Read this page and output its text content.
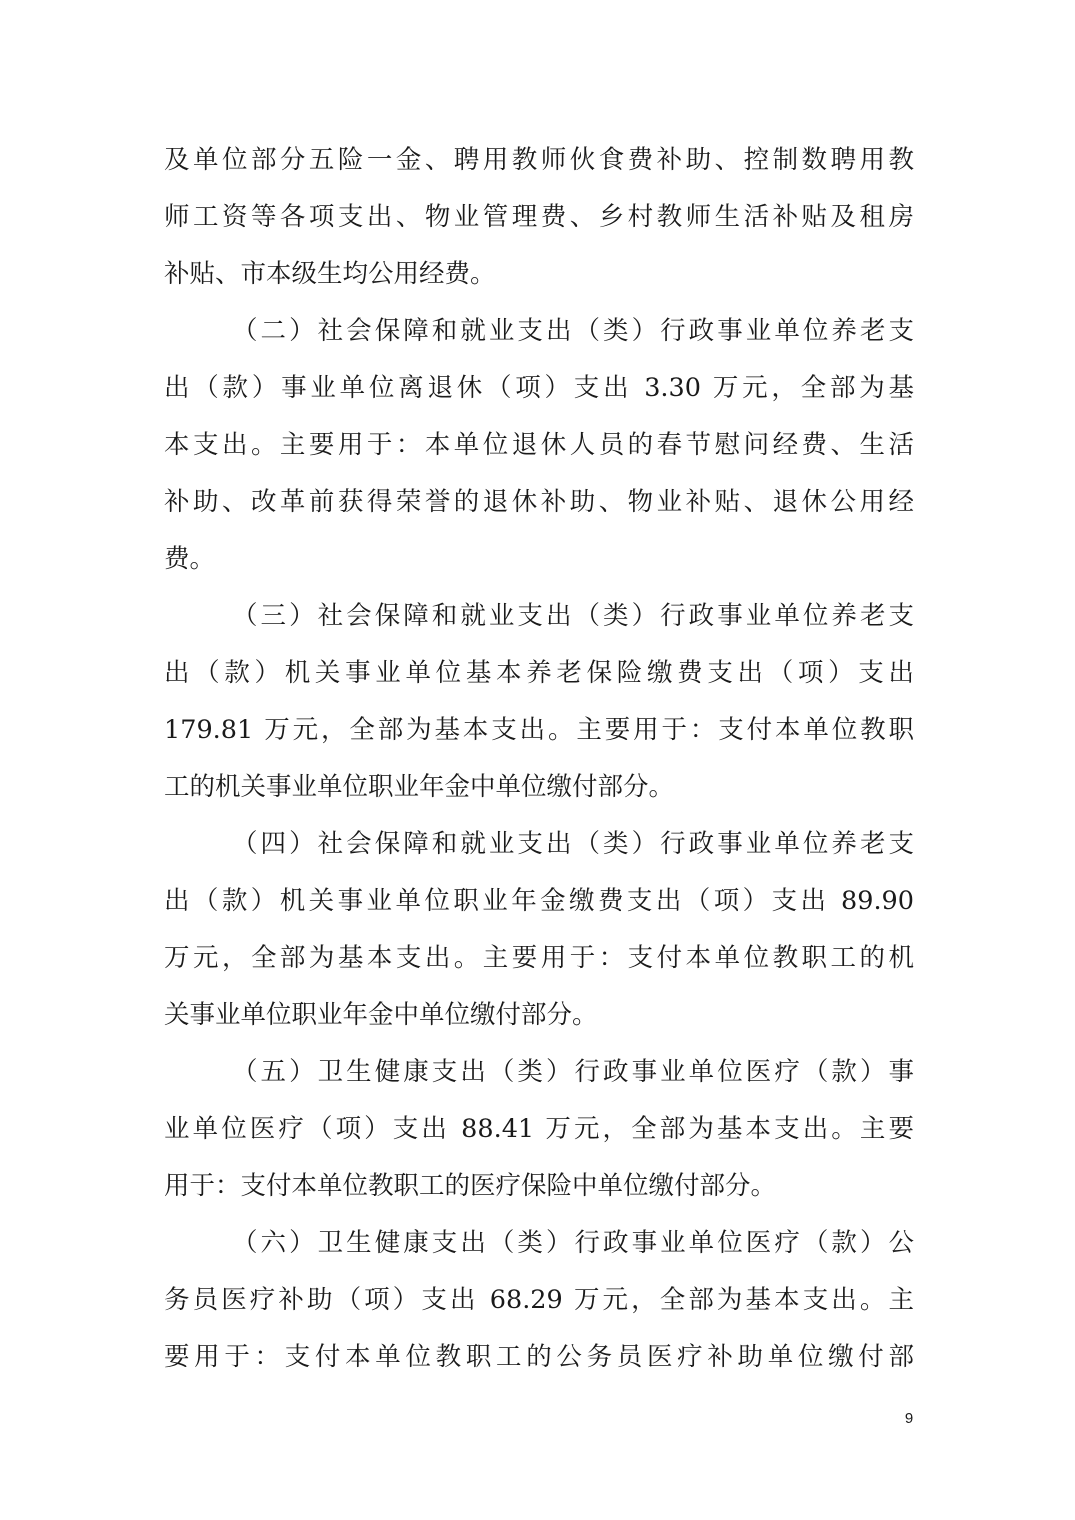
及单位部分五险一金、聘用教师伙食费补助、控制数聘用教
师工资等各项支出、物业管理费、乡村教师生活补贴及租房
补贴、市本级生均公用经费。
（二）社会保障和就业支出（类）行政事业单位养老支
出（款）事业单位离退休（项）支出 3.30 万元，全部为基
本支出。主要用于：本单位退休人员的春节慰问经费、生活
补助、改革前获得荣誉的退休补助、物业补贴、退休公用经
费。
（三）社会保障和就业支出（类）行政事业单位养老支
出（款）机关事业单位基本养老保险缴费支出（项）支出
179.81 万元，全部为基本支出。主要用于：支付本单位教职
工的机关事业单位职业年金中单位缴付部分。
（四）社会保障和就业支出（类）行政事业单位养老支
出（款）机关事业单位职业年金缴费支出（项）支出 89.90
万元，全部为基本支出。主要用于：支付本单位教职工的机
关事业单位职业年金中单位缴付部分。
（五）卫生健康支出（类）行政事业单位医疗（款）事
业单位医疗（项）支出 88.41 万元，全部为基本支出。主要
用于：支付本单位教职工的医疗保险中单位缴付部分。
（六）卫生健康支出（类）行政事业单位医疗（款）公
务员医疗补助（项）支出 68.29 万元，全部为基本支出。主
要用于：支付本单位教职工的公务员医疗补助单位缴付部
9
